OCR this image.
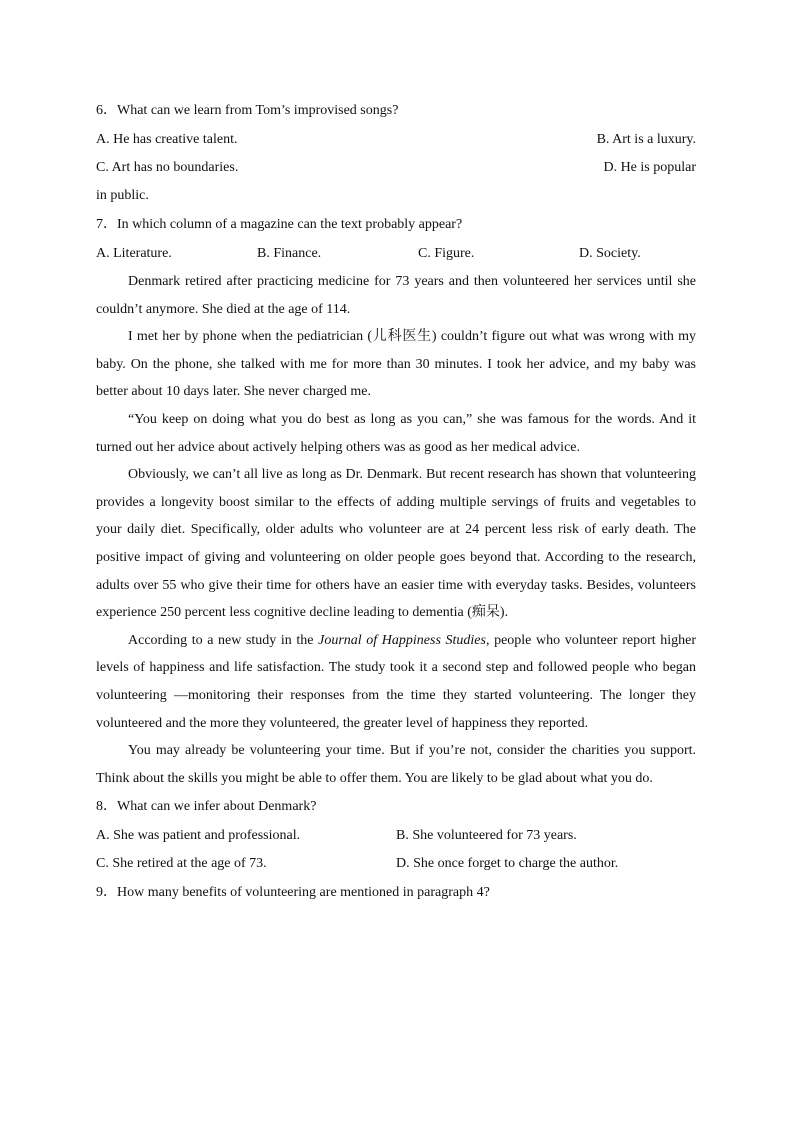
6．What can we learn from Tom’s improvised songs?
A. He has creative talent.	B. Art is a luxury.
C. Art has no boundaries.	D. He is popular
in public.
7．In which column of a magazine can the text probably appear?
A. Literature.	B. Finance.	C. Figure.	D. Society.

Denmark retired after practicing medicine for 73 years and then volunteered her services until she couldn’t anymore. She died at the age of 114.

I met her by phone when the pediatrician (儿科医生) couldn’t figure out what was wrong with my baby. On the phone, she talked with me for more than 30 minutes. I took her advice, and my baby was better about 10 days later. She never charged me.

“You keep on doing what you do best as long as you can,” she was famous for the words. And it turned out her advice about actively helping others was as good as her medical advice.

Obviously, we can’t all live as long as Dr. Denmark. But recent research has shown that volunteering provides a longevity boost similar to the effects of adding multiple servings of fruits and vegetables to your daily diet. Specifically, older adults who volunteer are at 24 percent less risk of early death. The positive impact of giving and volunteering on older people goes beyond that. According to the research, adults over 55 who give their time for others have an easier time with everyday tasks. Besides, volunteers experience 250 percent less cognitive decline leading to dementia (痴呆).

According to a new study in the Journal of Happiness Studies, people who volunteer report higher levels of happiness and life satisfaction. The study took it a second step and followed people who began volunteering —monitoring their responses from the time they started volunteering. The longer they volunteered and the more they volunteered, the greater level of happiness they reported.

You may already be volunteering your time. But if you’re not, consider the charities you support. Think about the skills you might be able to offer them. You are likely to be glad about what you do.

8．What can we infer about Denmark?
A. She was patient and professional.	B. She volunteered for 73 years.
C. She retired at the age of 73.	D. She once forget to charge the author.
9．How many benefits of volunteering are mentioned in paragraph 4?
